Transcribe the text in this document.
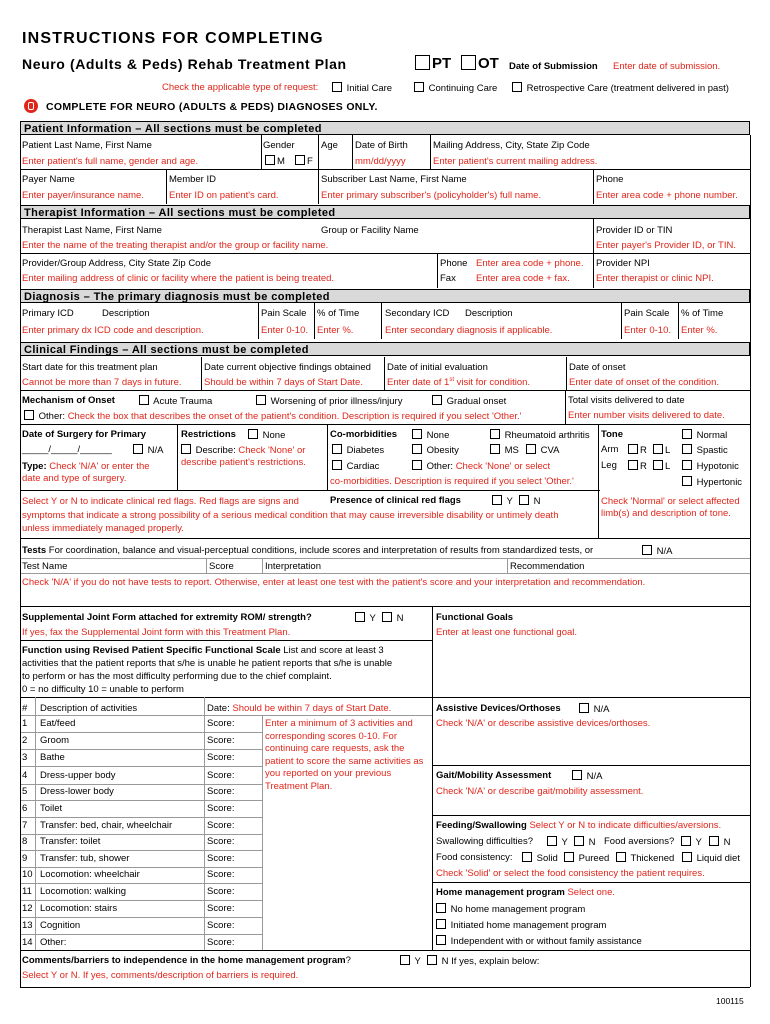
INSTRUCTIONS FOR COMPLETING
Neuro (Adults & Peds) Rehab Treatment Plan	PT	OT Date of Submission Enter date of submission.
Check the applicable type of request:	Initial Care	Continuing Care	Retrospective Care (treatment delivered in past)
COMPLETE FOR NEURO (ADULTS & PEDS) DIAGNOSES ONLY.
Patient Information – All sections must be completed
Patient Last Name, First Name	Gender	Age Date of Birth	Mailing Address, City, State Zip Code
Enter patient's full name, gender and age.	M	F	mm/dd/yyyy	Enter patient's current mailing address.
Payer Name	Member ID	Subscriber Last Name, First Name	Phone
Enter payer/insurance name.	Enter ID on patient's card.	Enter primary subscriber's (policyholder's) full name.	Enter area code + phone number.
Therapist Information – All sections must be completed
Therapist Last Name, First Name	Group or Facility Name	Provider ID or TIN
Enter the name of the treating therapist and/or the group or facility name.	Enter payer's Provider ID, or TIN.
Provider/Group Address, City State Zip Code	Phone Enter area code + phone. Provider NPI
Enter mailing address of clinic or facility where the patient is being treated.	Fax Enter area code + fax.	Enter therapist or clinic NPI.
Diagnosis – The primary diagnosis must be completed
Primary ICD	Description	Pain Scale % of Time	Secondary ICD Description	Pain Scale % of Time
Enter primary dx ICD code and description.	Enter 0-10. Enter %.	Enter secondary diagnosis if applicable.	Enter 0-10. Enter %.
Clinical Findings – All sections must be completed
Start date for this treatment plan	Date current objective findings obtained Date of initial evaluation	Date of onset
Cannot be more than 7 days in future. Should be within 7 days of Start Date.	Enter date of 1st visit for condition.	Enter date of onset of the condition.
Mechanism of Onset	Acute Trauma	Worsening of prior illness/injury	Gradual onset	Total visits delivered to date
Other: Check the box that describes the onset of the patient's condition. Description is required if you select 'Other.'	Enter number visits delivered to date.
Date of Surgery for Primary
_____/_____/______	N/A
Type: Check 'N/A' or enter the
date and type of surgery.
Restrictions	None
Describe: Check 'None' or
describe patient's restrictions.
Co-morbidities	None	Rheumatoid arthritis
Diabetes	Obesity	MS	CVA
Cardiac	Other: Check 'None' or select
co-morbidities. Description is required if you select 'Other.'
Tone
Arm	R	L
Leg	R	L
Normal
Spastic
Hypotonic
Hypertonic
Select Y or N to indicate clinical red flags. Red flags are signs and	Presence of clinical red flags	Y	N
symptoms that indicate a strong possibility of a serious medical condition that may cause irreversible disability or untimely death
unless immediately managed properly.
Check 'Normal' or select affected
limb(s) and description of tone.
Tests For coordination, balance and visual-perceptual conditions, include scores and interpretation of results from standardized tests, or	N/A
Test Name	Score	Interpretation	Recommendation
Check 'N/A' if you do not have tests to report. Otherwise, enter at least one test with the patient's score and your interpretation and recommendation.
Supplemental Joint Form attached for extremity ROM/ strength?	Y	N
If yes, fax the Supplemental Joint form with this Treatment Plan.
Functional Goals
Enter at least one functional goal.
Function using Revised Patient Specific Functional Scale List and score at least 3
activities that the patient reports that s/he is unable he patient reports that s/he is unable
to perform or has the most difficulty performing due to the chief complaint.
0 = no difficulty 10 = unable to perform
# Description of activities	Date: Should be within 7 days of Start Date.
Enter a minimum of 3 activities and corresponding scores 0-10. For continuing care requests, ask the patient to score the same activities as you reported on your previous Treatment Plan.
1 Eat/feed	Score:
2 Groom	Score:
3 Bathe	Score:
4 Dress-upper body	Score:
5 Dress-lower body	Score:
6 Toilet	Score:
7 Transfer: bed, chair, wheelchair	Score:
8 Transfer: toilet	Score:
9 Transfer: tub, shower	Score:
10 Locomotion: wheelchair	Score:
11 Locomotion: walking	Score:
12 Locomotion: stairs	Score:
13 Cognition	Score:
14 Other:	Score:
Assistive Devices/Orthoses	N/A
Check 'N/A' or describe assistive devices/orthoses.
Gait/Mobility Assessment	N/A
Check 'N/A' or describe gait/mobility assessment.
Feeding/Swallowing Select Y or N to indicate difficulties/aversions.
Swallowing difficulties?	Y	N Food aversions?	Y	N
Food consistency:	Solid	Pureed	Thickened	Liquid diet
Check 'Solid' or select the food consistency the patient requires.
Home management program Select one.
No home management program
Initiated home management program
Independent with or without family assistance
Comments/barriers to independence in the home management program?	Y	N If yes, explain below:
Select Y or N. If yes, comments/description of barriers is required.
100115
